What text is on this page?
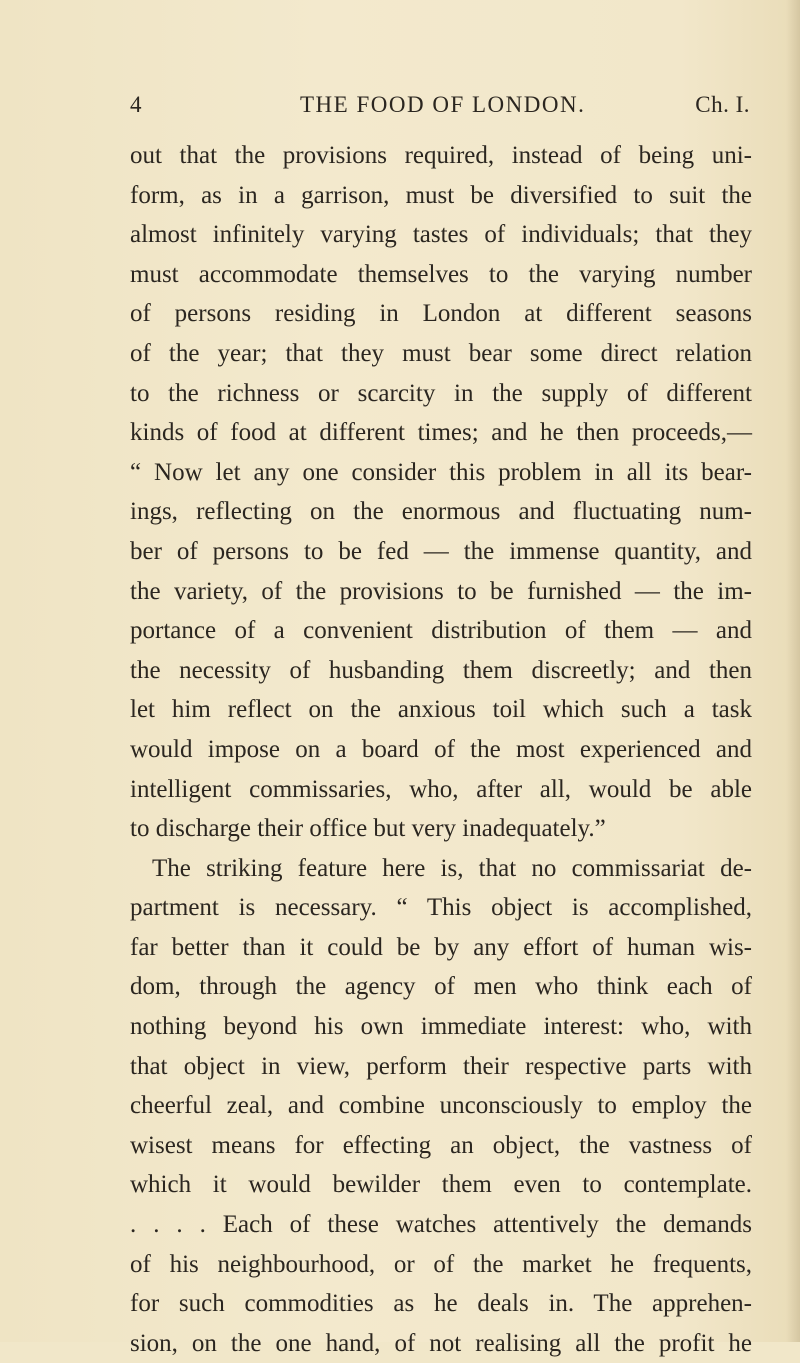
4	THE FOOD OF LONDON.	Ch. I.
out that the provisions required, instead of being uni-
form, as in a garrison, must be diversified to suit the
almost infinitely varying tastes of individuals; that they
must accommodate themselves to the varying number
of persons residing in London at different seasons
of the year; that they must bear some direct relation
to the richness or scarcity in the supply of different
kinds of food at different times; and he then proceeds,—
“ Now let any one consider this problem in all its bear-
ings, reflecting on the enormous and fluctuating num-
ber of persons to be fed — the immense quantity, and
the variety, of the provisions to be furnished — the im-
portance of a convenient distribution of them — and
the necessity of husbanding them discreetly; and then
let him reflect on the anxious toil which such a task
would impose on a board of the most experienced and
intelligent commissaries, who, after all, would be able
to discharge their office but very inadequately.”
The striking feature here is, that no commissariat de-
partment is necessary. “ This object is accomplished,
far better than it could be by any effort of human wis-
dom, through the agency of men who think each of
nothing beyond his own immediate interest: who, with
that object in view, perform their respective parts with
cheerful zeal, and combine unconsciously to employ the
wisest means for effecting an object, the vastness of
which it would bewilder them even to contemplate.
. . . . Each of these watches attentively the demands
of his neighbourhood, or of the market he frequents,
for such commodities as he deals in. The apprehen-
sion, on the one hand, of not realising all the profit he
